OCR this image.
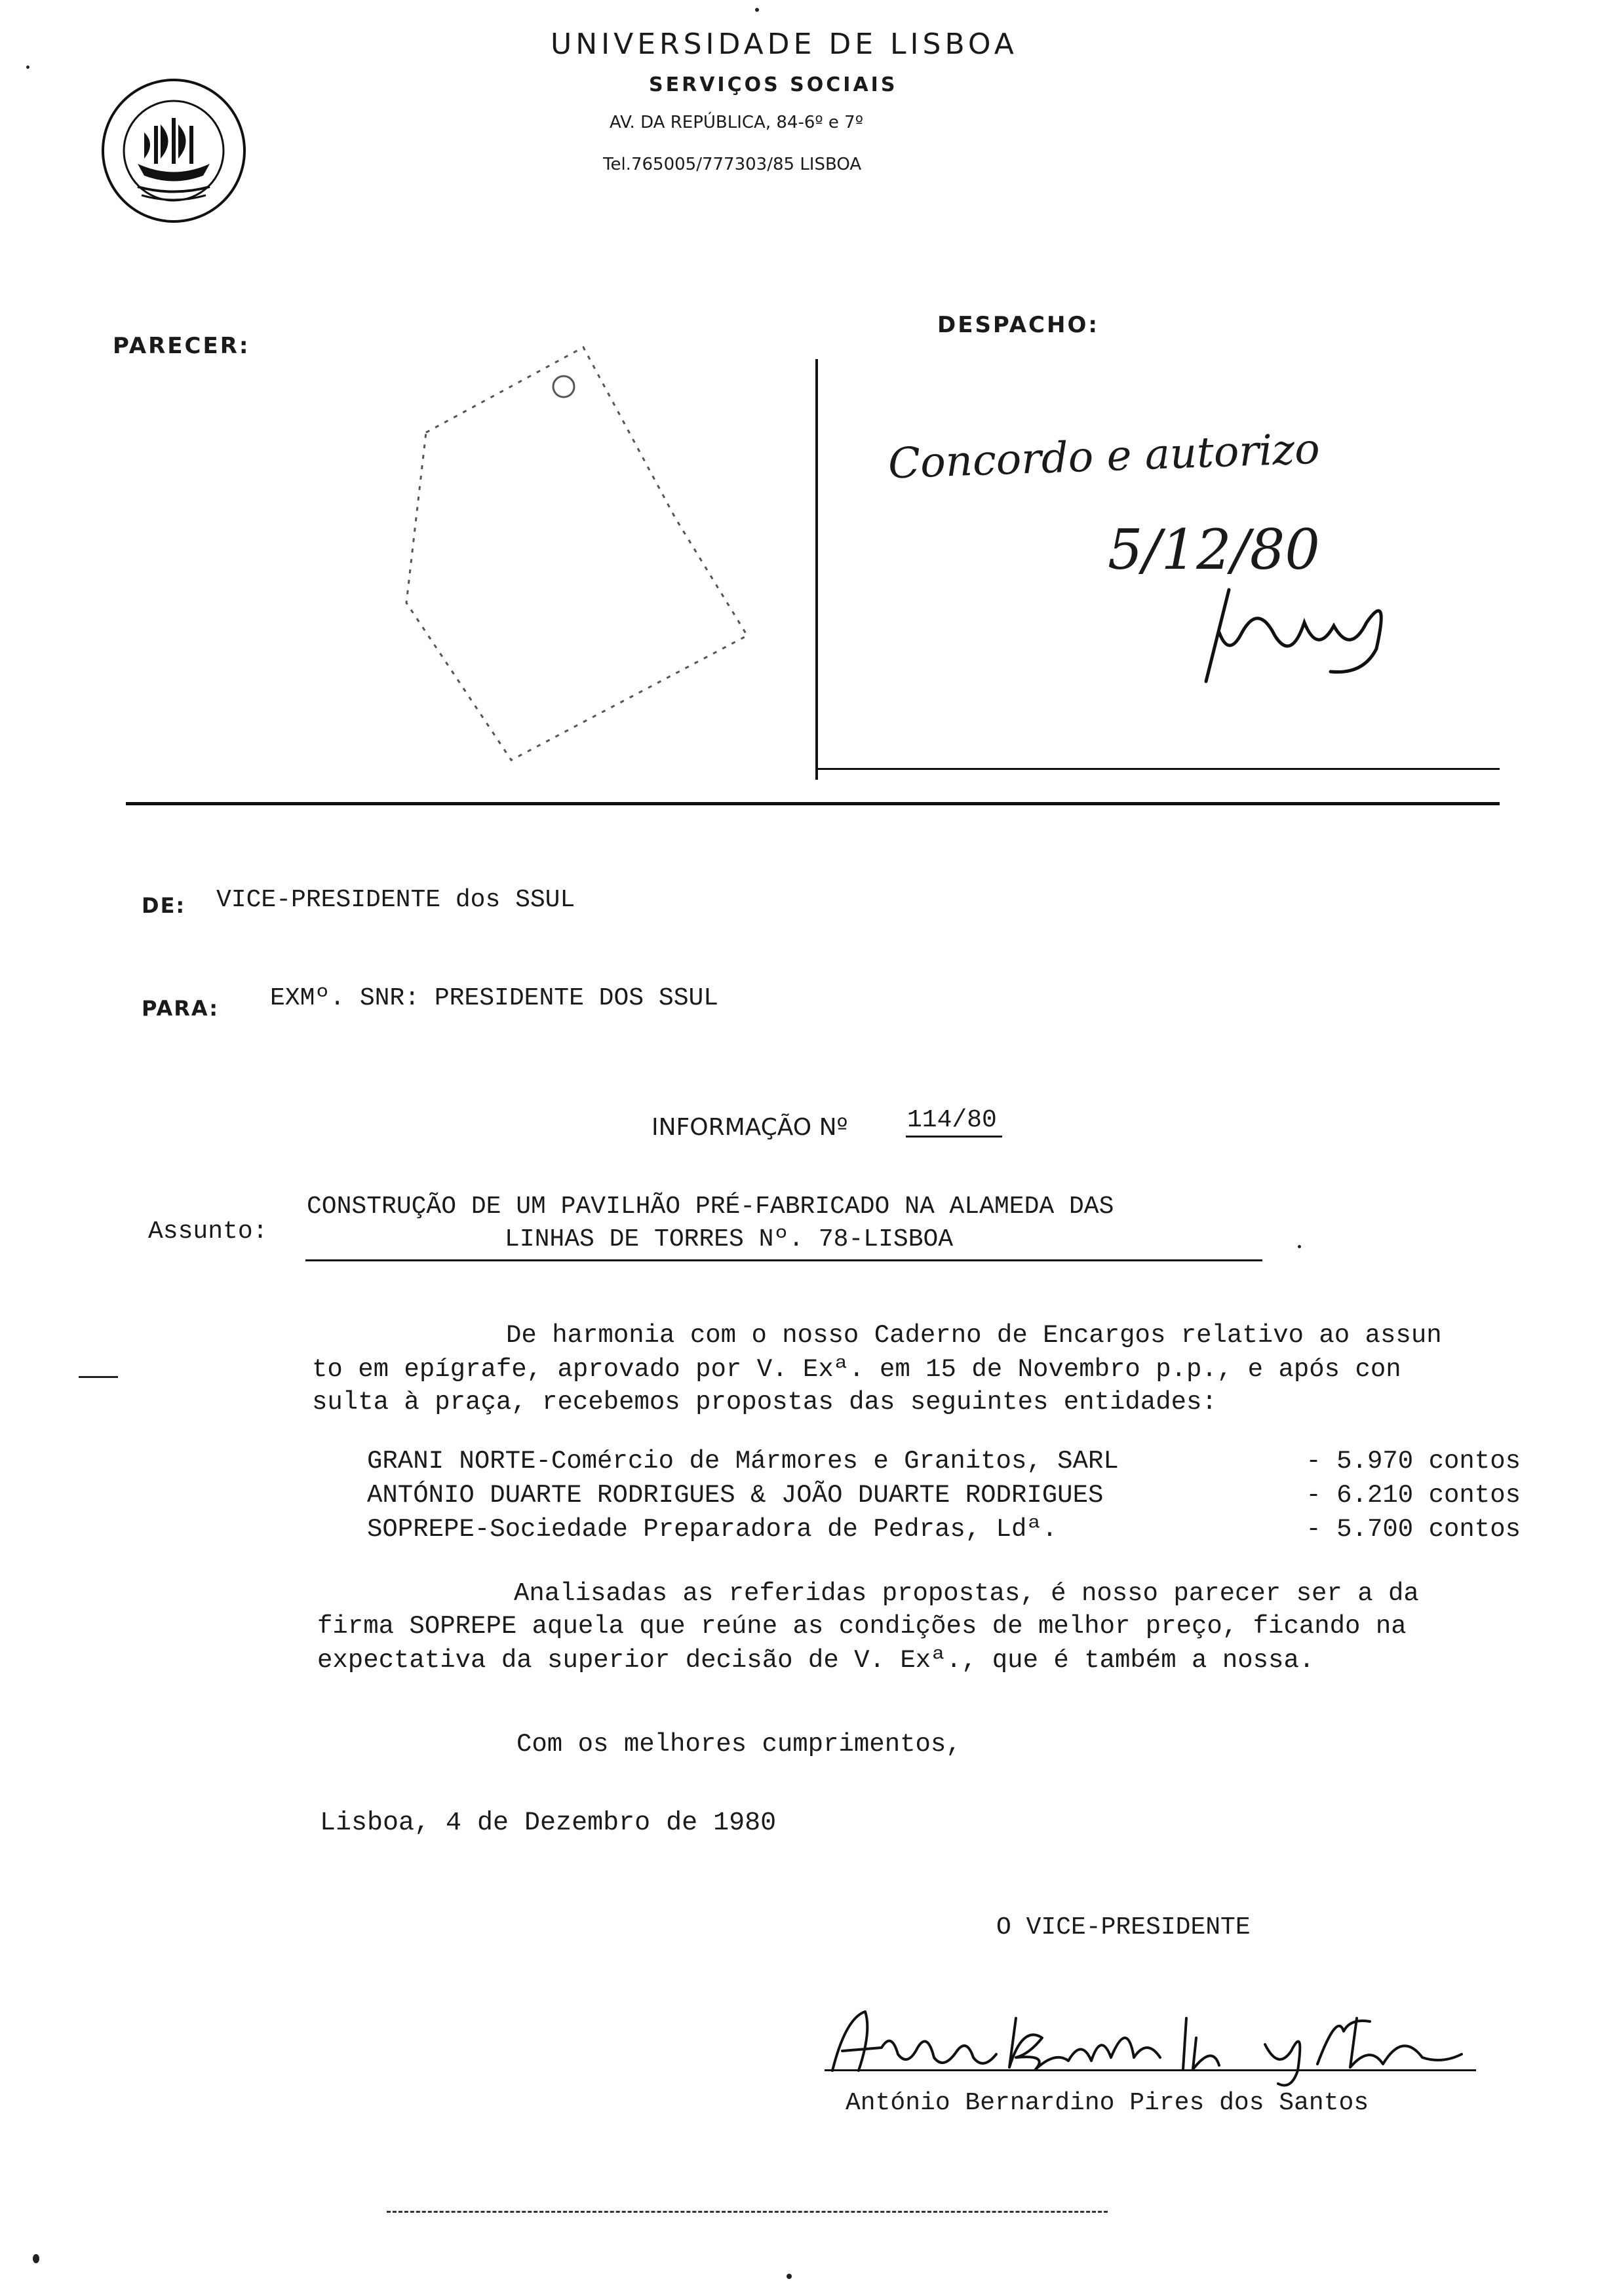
UNIVERSIDADE DE LISBOA
SERVIÇOS SOCIAIS
AV. DA REPÚBLICA, 84-6º e 7º
Tel.765005/777303/85 LISBOA
PARECER:
DESPACHO:
Concordo e autorizo
5/12/80
DE: VICE-PRESIDENTE dos SSUL
PARA: EXMº. SNR: PRESIDENTE DOS SSUL
INFORMAÇÃO Nº 114/80
Assunto:
CONSTRUÇÃO DE UM PAVILHÃO PRÉ-FABRICADO NA ALAMEDA DAS
LINHAS DE TORRES Nº. 78-LISBOA
De harmonia com o nosso Caderno de Encargos relativo ao assun
to em epígrafe, aprovado por V. Exª. em 15 de Novembro p.p., e após con
sulta à praça, recebemos propostas das seguintes entidades:
GRANI NORTE-Comércio de Mármores e Granitos, SARL	- 5.970 contos
ANTÓNIO DUARTE RODRIGUES & JOÃO DUARTE RODRIGUES	- 6.210 contos
SOPREPE-Sociedade Preparadora de Pedras, Ldª.	- 5.700 contos
Analisadas as referidas propostas, é nosso parecer ser a da
firma SOPREPE aquela que reúne as condições de melhor preço, ficando na
expectativa da superior decisão de V. Exª., que é também a nossa.
Com os melhores cumprimentos,
Lisboa, 4 de Dezembro de 1980
O VICE-PRESIDENTE
António Bernardino Pires dos Santos
